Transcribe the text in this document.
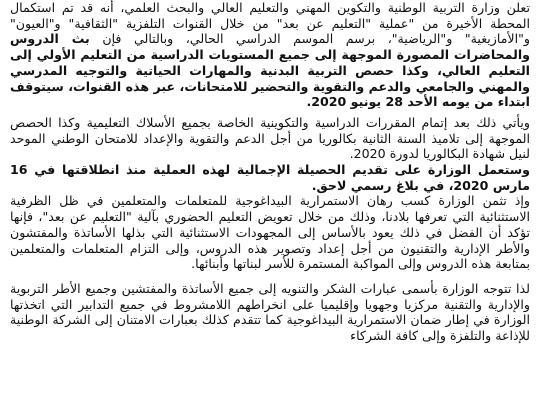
تعلن وزارة التربية الوطنية والتكوين المهني والتعليم العالي والبحث العلمي، أنه قد تم استكمال المحطة الأخيرة من "عملية "التعليم عن بعد" من خلال القنوات التلفزية "الثقافية" و"العيون" و"الأمازيغية" و"الرياضية"، برسم الموسم الدراسي الحالي، وبالتالي فإن بث الدروس والمحاضرات المصورة الموجهة إلى جميع المستويات الدراسية من التعليم الأولي إلى التعليم العالي، وكذا حصص التربية البدنية والمهارات الحياتية والتوجيه المدرسي والمهني والجامعي والدعم والتقوية والتحضير للامتحانات، عبر هذه القنوات، سيتوقف ابتداء من يومه الأحد 28 يونيو 2020.

ويأتي ذلك بعد إتمام المقررات الدراسية والتكوينية الخاصة بجميع الأسلاك التعليمية وكذا الحصص الموجهة إلى تلاميذ السنة الثانية بكالوريا من أجل الدعم والتقوية والإعداد للامتحان الوطني الموحد لنيل شهادة البكالوريا لدورة 2020.

وستعمل الوزارة على تقديم الحصيلة الإجمالية لهذه العملية منذ انطلاقتها في 16 مارس 2020، في بلاغ رسمي لاحق.

وإذ تثمن الوزارة كسب رهان الاستمرارية البيداغوجية للمتعلمات والمتعلمين في ظل الظرفية الاستثنائية التي تعرفها بلادنا، وذلك من خلال تعويض التعليم الحضوري بآلية "التعليم عن بعد"، فإنها تؤكد أن الفضل في ذلك يعود بالأساس إلى المجهودات الاستثنائية التي بذلها الأساتذة والمفتشون والأطر الإدارية والتقنيون من أجل إعداد وتصوير هذه الدروس، وإلى التزام المتعلمات والمتعلمين بمتابعة هذه الدروس وإلى المواكبة المستمرة للأسر لبناتها وأبنائها.

لذا تتوجه الوزارة بأسمى عبارات الشكر والتنويه إلى جميع الأساتذة والمفتشين وجميع الأطر التربوية والإدارية والتقنية مركزيا وجهويا وإقليميا على انخراطهم اللامشروط في جميع التدابير التي اتخذتها الوزارة في إطار ضمان الاستمرارية البيداغوجية كما تتقدم كذلك بعبارات الامتنان إلى الشركة الوطنية للإذاعة والتلفزة وإلى كافة الشركاء
